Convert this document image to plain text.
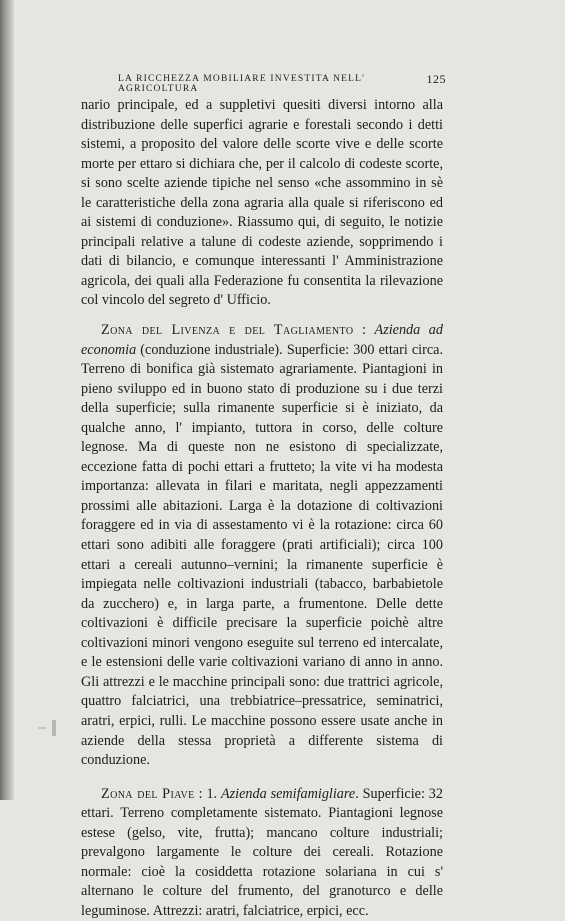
LA RICCHEZZA MOBILIARE INVESTITA NELL' AGRICOLTURA
125

nario principale, ed a suppletivi quesiti diversi intorno alla distribuzione delle superfici agrarie e forestali secondo i detti sistemi, a proposito del valore delle scorte vive e delle scorte morte per ettaro si dichiara che, per il calcolo di codeste scorte, si sono scelte aziende tipiche nel senso «che assommino in sè le caratteristiche della zona agraria alla quale si riferiscono ed ai sistemi di conduzione». Riassumo qui, di seguito, le notizie principali relative a talune di codeste aziende, sopprimendo i dati di bilancio, e comunque interessanti l' Amministrazione agricola, dei quali alla Federazione fu consentita la rilevazione col vincolo del segreto d' Ufficio.

Zona del Livenza e del Tagliamento : Azienda ad economia (conduzione industriale). Superficie: 300 ettari circa. Terreno di bonifica già sistemato agrariamente. Piantagioni in pieno sviluppo ed in buono stato di produzione su i due terzi della superficie; sulla rimanente superficie si è iniziato, da qualche anno, l' impianto, tuttora in corso, delle colture legnose. Ma di queste non ne esistono di specializzate, eccezione fatta di pochi ettari a frutteto; la vite vi ha modesta importanza: allevata in filari e maritata, negli appezzamenti prossimi alle abitazioni. Larga è la dotazione di coltivazioni foraggere ed in via di assestamento vi è la rotazione: circa 60 ettari sono adibiti alle foraggere (prati artificiali); circa 100 ettari a cereali autunno–vernini; la rimanente superficie è impiegata nelle coltivazioni industriali (tabacco, barbabietole da zucchero) e, in larga parte, a frumentone. Delle dette coltivazioni è difficile precisare la superficie poichè altre coltivazioni minori vengono eseguite sul terreno ed intercalate, e le estensioni delle varie coltivazioni variano di anno in anno. Gli attrezzi e le macchine principali sono: due trattrici agricole, quattro falciatrici, una trebbiatrice–pressatrice, seminatrici, aratri, erpici, rulli. Le macchine possono essere usate anche in aziende della stessa proprietà a differente sistema di conduzione.

Zona del Piave : 1. Azienda semifamigliare. Superficie: 32 ettari. Terreno completamente sistemato. Piantagioni legnose estese (gelso, vite, frutta); mancano colture industriali; prevalgono largamente le colture dei cereali. Rotazione normale: cioè la cosiddetta rotazione solariana in cui s' alternano le colture del frumento, del granoturco e delle leguminose. Attrezzi: aratri, falciatrice, erpici, ecc.
